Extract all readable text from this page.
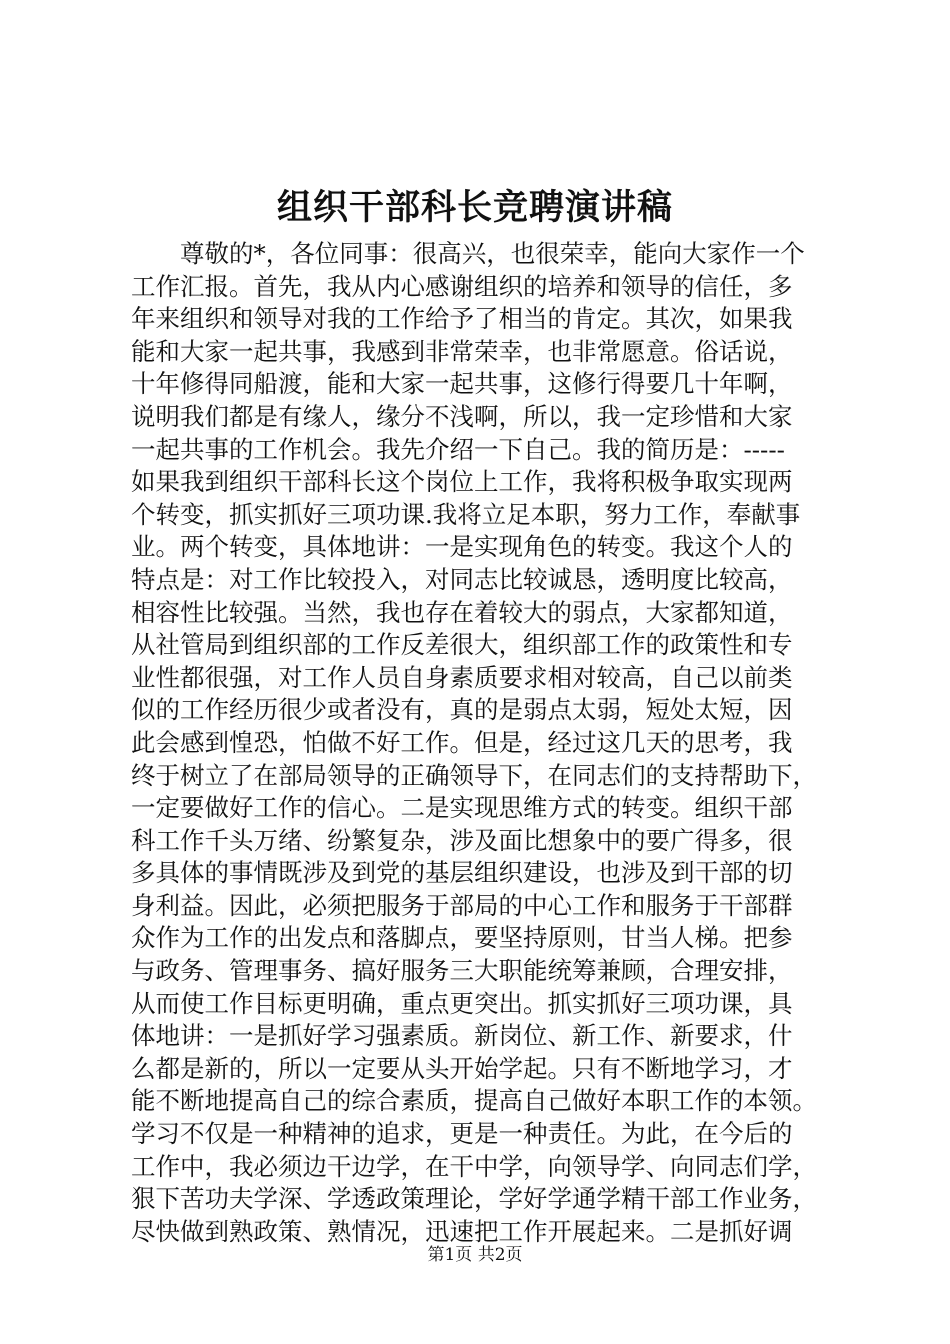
组织干部科长竞聘演讲稿
尊敬的*，各位同事：很高兴，也很荣幸，能向大家作一个
工作汇报。首先，我从内心感谢组织的培养和领导的信任，多
年来组织和领导对我的工作给予了相当的肯定。其次，如果我
能和大家一起共事，我感到非常荣幸，也非常愿意。俗话说，
十年修得同船渡，能和大家一起共事，这修行得要几十年啊，
说明我们都是有缘人，缘分不浅啊，所以，我一定珍惜和大家
一起共事的工作机会。我先介绍一下自己。我的简历是：-----
如果我到组织干部科长这个岗位上工作，我将积极争取实现两
个转变，抓实抓好三项功课.我将立足本职，努力工作，奉献事
业。两个转变，具体地讲：一是实现角色的转变。我这个人的
特点是：对工作比较投入，对同志比较诚恳，透明度比较高，
相容性比较强。当然，我也存在着较大的弱点，大家都知道，
从社管局到组织部的工作反差很大，组织部工作的政策性和专
业性都很强，对工作人员自身素质要求相对较高，自己以前类
似的工作经历很少或者没有，真的是弱点太弱，短处太短，因
此会感到惶恐，怕做不好工作。但是，经过这几天的思考，我
终于树立了在部局领导的正确领导下，在同志们的支持帮助下，
一定要做好工作的信心。二是实现思维方式的转变。组织干部
科工作千头万绪、纷繁复杂，涉及面比想象中的要广得多，很
多具体的事情既涉及到党的基层组织建设，也涉及到干部的切
身利益。因此，必须把服务于部局的中心工作和服务于干部群
众作为工作的出发点和落脚点，要坚持原则，甘当人梯。把参
与政务、管理事务、搞好服务三大职能统筹兼顾，合理安排，
从而使工作目标更明确，重点更突出。抓实抓好三项功课，具
体地讲：一是抓好学习强素质。新岗位、新工作、新要求，什
么都是新的，所以一定要从头开始学起。只有不断地学习，才
能不断地提高自己的综合素质，提高自己做好本职工作的本领。
学习不仅是一种精神的追求，更是一种责任。为此，在今后的
工作中，我必须边干边学，在干中学，向领导学、向同志们学，
狠下苦功夫学深、学透政策理论，学好学通学精干部工作业务，
尽快做到熟政策、熟情况，迅速把工作开展起来。二是抓好调
第1页 共2页
